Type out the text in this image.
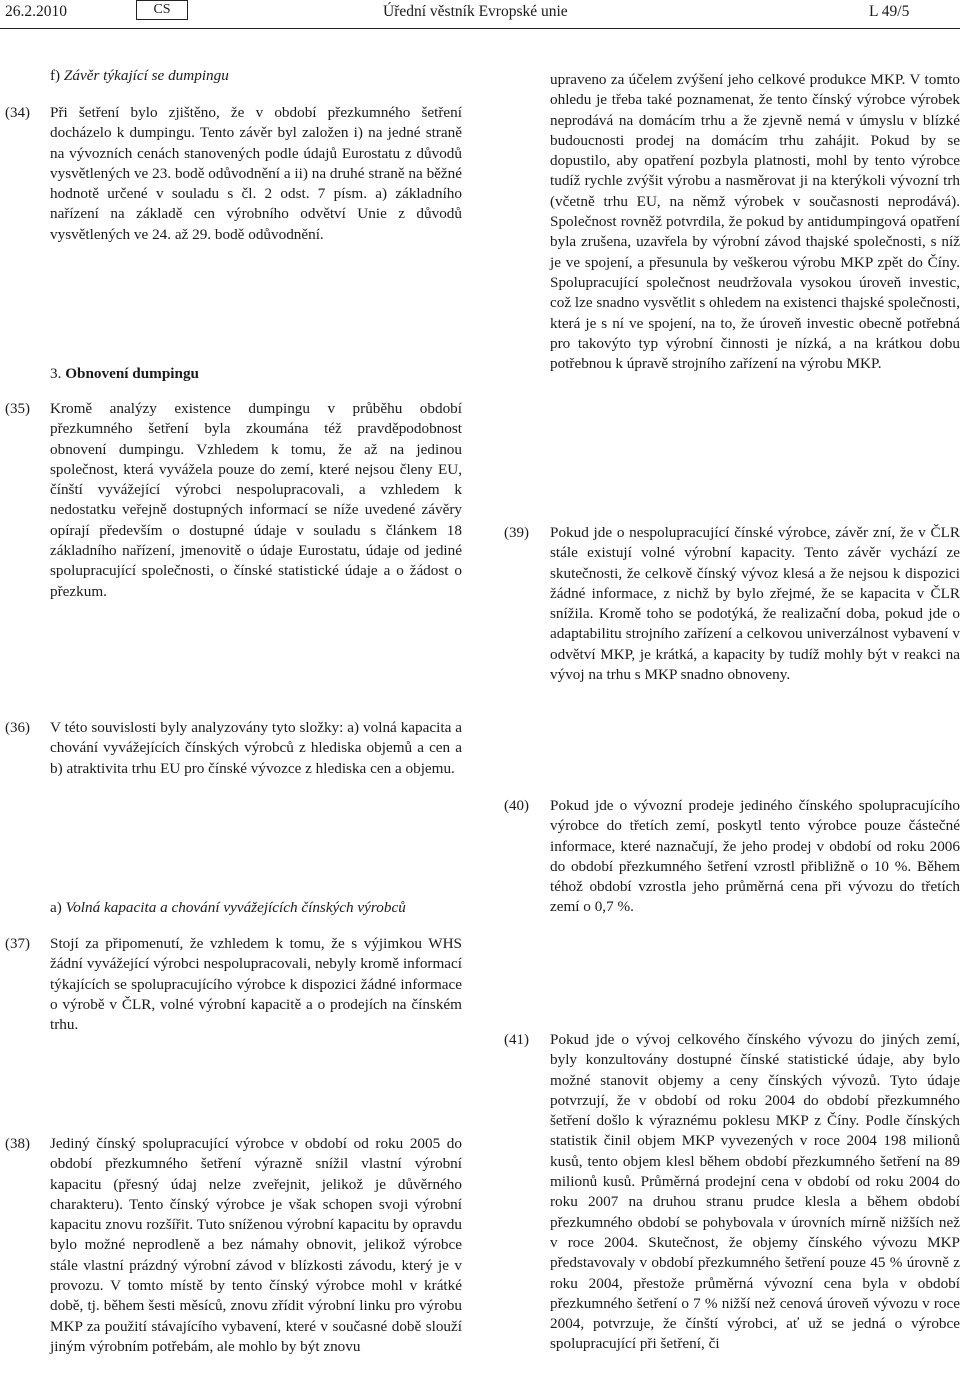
26.2.2010	CS	Úřední věstník Evropské unie	L 49/5
f) Závěr týkající se dumpingu
(34) Při šetření bylo zjištěno, že v období přezkumného šetření docházelo k dumpingu. Tento závěr byl založen i) na jedné straně na vývozních cenách stanovených podle údajů Eurostatu z důvodů vysvětlených ve 23. bodě odůvodnění a ii) na druhé straně na běžné hodnotě určené v souladu s čl. 2 odst. 7 písm. a) základního nařízení na základě cen výrobního odvětví Unie z důvodů vysvětlených ve 24. až 29. bodě odůvodnění.
3. Obnovení dumpingu
(35) Kromě analýzy existence dumpingu v průběhu období přezkumného šetření byla zkoumána též pravděpodobnost obnovení dumpingu. Vzhledem k tomu, že až na jedinou společnost, která vyvážela pouze do zemí, které nejsou členy EU, čínští vyvážející výrobci nespolupracovali, a vzhledem k nedostatku veřejně dostupných informací se níže uvedené závěry opírají především o dostupné údaje v souladu s článkem 18 základního nařízení, jmenovitě o údaje Eurostatu, údaje od jediné spolupracující společnosti, o čínské statistické údaje a o žádost o přezkum.
(36) V této souvislosti byly analyzovány tyto složky: a) volná kapacita a chování vyvážejících čínských výrobců z hlediska objemů a cen a b) atraktivita trhu EU pro čínské vývozce z hlediska cen a objemu.
a) Volná kapacita a chování vyvážejících čínských výrobců
(37) Stojí za připomenutí, že vzhledem k tomu, že s výjimkou WHS žádní vyvážející výrobci nespolupracovali, nebyly kromě informací týkajících se spolupracujícího výrobce k dispozici žádné informace o výrobě v ČLR, volné výrobní kapacitě a o prodejích na čínském trhu.
(38) Jediný čínský spolupracující výrobce v období od roku 2005 do období přezkumného šetření výrazně snížil vlastní výrobní kapacitu (přesný údaj nelze zveřejnit, jelikož je důvěrného charakteru). Tento čínský výrobce je však schopen svoji výrobní kapacitu znovu rozšířit. Tuto sníženou výrobní kapacitu by opravdu bylo možné neprodleně a bez námahy obnovit, jelikož výrobce stále vlastní prázdný výrobní závod v blízkosti závodu, který je v provozu. V tomto místě by tento čínský výrobce mohl v krátké době, tj. během šesti měsíců, znovu zřídit výrobní linku pro výrobu MKP za použití stávajícího vybavení, které v současné době slouží jiným výrobním potřebám, ale mohlo by být znovu
upraveno za účelem zvýšení jeho celkové produkce MKP. V tomto ohledu je třeba také poznamenat, že tento čínský výrobce výrobek neprodává na domácím trhu a že zjevně nemá v úmyslu v blízké budoucnosti prodej na domácím trhu zahájit. Pokud by se dopustilo, aby opatření pozbyla platnosti, mohl by tento výrobce tudíž rychle zvýšit výrobu a nasměrovat ji na kterýkoli vývozní trh (včetně trhu EU, na němž výrobek v současnosti neprodává). Společnost rovněž potvrdila, že pokud by antidumpingová opatření byla zrušena, uzavřela by výrobní závod thajské společnosti, s níž je ve spojení, a přesunula by veškerou výrobu MKP zpět do Číny. Spolupracující společnost neudržovala vysokou úroveň investic, což lze snadno vysvětlit s ohledem na existenci thajské společnosti, která je s ní ve spojení, na to, že úroveň investic obecně potřebná pro takovýto typ výrobní činnosti je nízká, a na krátkou dobu potřebnou k úpravě strojního zařízení na výrobu MKP.
(39) Pokud jde o nespolupracující čínské výrobce, závěr zní, že v ČLR stále existují volné výrobní kapacity. Tento závěr vychází ze skutečnosti, že celkově čínský vývoz klesá a že nejsou k dispozici žádné informace, z nichž by bylo zřejmé, že se kapacita v ČLR snížila. Kromě toho se podotýká, že realizační doba, pokud jde o adaptabilitu strojního zařízení a celkovou univerzálnost vybavení v odvětví MKP, je krátká, a kapacity by tudíž mohly být v reakci na vývoj na trhu s MKP snadno obnoveny.
(40) Pokud jde o vývozní prodeje jediného čínského spolupracujícího výrobce do třetích zemí, poskytl tento výrobce pouze částečné informace, které naznačují, že jeho prodej v období od roku 2006 do období přezkumného šetření vzrostl přibližně o 10 %. Během téhož období vzrostla jeho průměrná cena při vývozu do třetích zemí o 0,7 %.
(41) Pokud jde o vývoj celkového čínského vývozu do jiných zemí, byly konzultovány dostupné čínské statistické údaje, aby bylo možné stanovit objemy a ceny čínských vývozů. Tyto údaje potvrzují, že v období od roku 2004 do období přezkumného šetření došlo k výraznému poklesu MKP z Číny. Podle čínských statistik činil objem MKP vyvezených v roce 2004 198 milionů kusů, tento objem klesl během období přezkumného šetření na 89 milionů kusů. Průměrná prodejní cena v období od roku 2004 do roku 2007 na druhou stranu prudce klesla a během období přezkumného období se pohybovala v úrovních mírně nižších než v roce 2004. Skutečnost, že objemy čínského vývozu MKP představovaly v období přezkumného šetření pouze 45 % úrovně z roku 2004, přestože průměrná vývozní cena byla v období přezkumného šetření o 7 % nižší než cenová úroveň vývozu v roce 2004, potvrzuje, že čínští výrobci, ať už se jedná o výrobce spolupracující při šetření, či
